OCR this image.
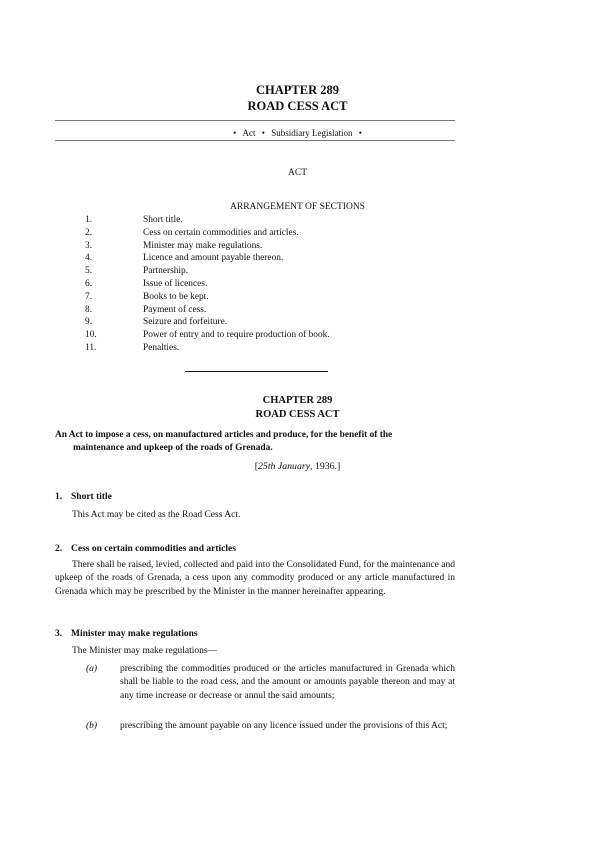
CHAPTER 289
ROAD CESS ACT
• Act • Subsidiary Legislation •
ACT
ARRANGEMENT OF SECTIONS
1.	Short title.
2.	Cess on certain commodities and articles.
3.	Minister may make regulations.
4.	Licence and amount payable thereon.
5.	Partnership.
6.	Issue of licences.
7.	Books to be kept.
8.	Payment of cess.
9.	Seizure and forfeiture.
10.	Power of entry and to require production of book.
11.	Penalties.
CHAPTER 289
ROAD CESS ACT
An Act to impose a cess, on manufactured articles and produce, for the benefit of the
maintenance and upkeep of the roads of Grenada.
[25th January, 1936.]
1. Short title
This Act may be cited as the Road Cess Act.
2. Cess on certain commodities and articles
There shall be raised, levied, collected and paid into the Consolidated Fund, for the maintenance and upkeep of the roads of Grenada, a cess upon any commodity produced or any article manufactured in Grenada which may be prescribed by the Minister in the manner hereinafter appearing.
3. Minister may make regulations
The Minister may make regulations—
(a)	prescribing the commodities produced or the articles manufactured in Grenada which shall be liable to the road cess, and the amount or amounts payable thereon and may at any time increase or decrease or annul the said amounts;
(b)	prescribing the amount payable on any licence issued under the provisions of this Act;
